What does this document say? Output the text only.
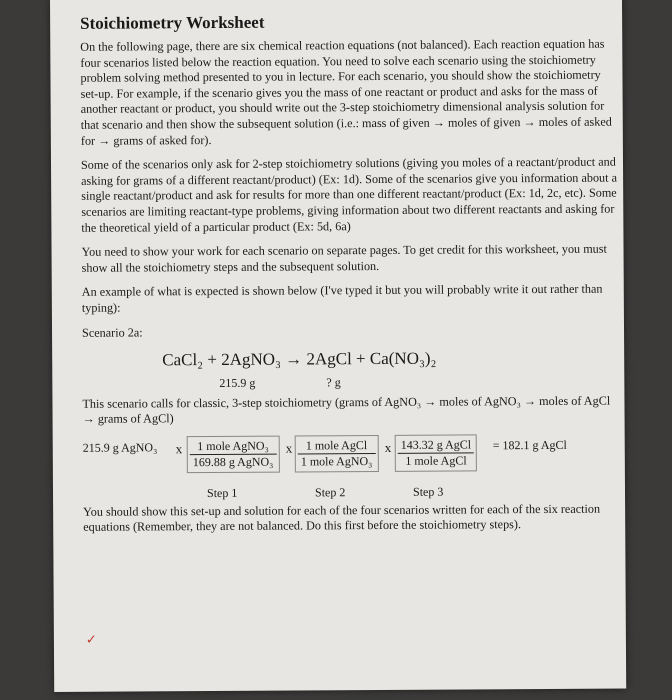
Stoichiometry Worksheet

On the following page, there are six chemical reaction equations (not balanced). Each reaction equation has four scenarios listed below the reaction equation. You need to solve each scenario using the stoichiometry problem solving method presented to you in lecture. For each scenario, you should show the stoichiometry set-up. For example, if the scenario gives you the mass of one reactant or product and asks for the mass of another reactant or product, you should write out the 3-step stoichiometry dimensional analysis solution for that scenario and then show the subsequent solution (i.e.: mass of given → moles of given → moles of asked for → grams of asked for).

Some of the scenarios only ask for 2-step stoichiometry solutions (giving you moles of a reactant/product and asking for grams of a different reactant/product) (Ex: 1d). Some of the scenarios give you information about a single reactant/product and ask for results for more than one different reactant/product (Ex: 1d, 2c, etc). Some scenarios are limiting reactant-type problems, giving information about two different reactants and asking for the theoretical yield of a particular product (Ex: 5d, 6a)

You need to show your work for each scenario on separate pages. To get credit for this worksheet, you must show all the stoichiometry steps and the subsequent solution.

An example of what is expected is shown below (I've typed it but you will probably write it out rather than typing):

Scenario 2a:
CaCl₂ + 2AgNO₃ → 2AgCl + Ca(NO₃)₂
215.9 g	? g

This scenario calls for classic, 3-step stoichiometry (grams of AgNO₃ → moles of AgNO₃ → moles of AgCl → grams of AgCl)

215.9 g AgNO₃ x	1 mole AgNO₃
169.88 g AgNO₃
x	1 mole AgCl
1 mole AgNO₃
x 143.32 g AgCl
1 mole AgCl
= 182.1 g AgCl
Step 1	Step 2	Step 3

You should show this set-up and solution for each of the four scenarios written for each of the six reaction equations (Remember, they are not balanced. Do this first before the stoichiometry steps).

✓
